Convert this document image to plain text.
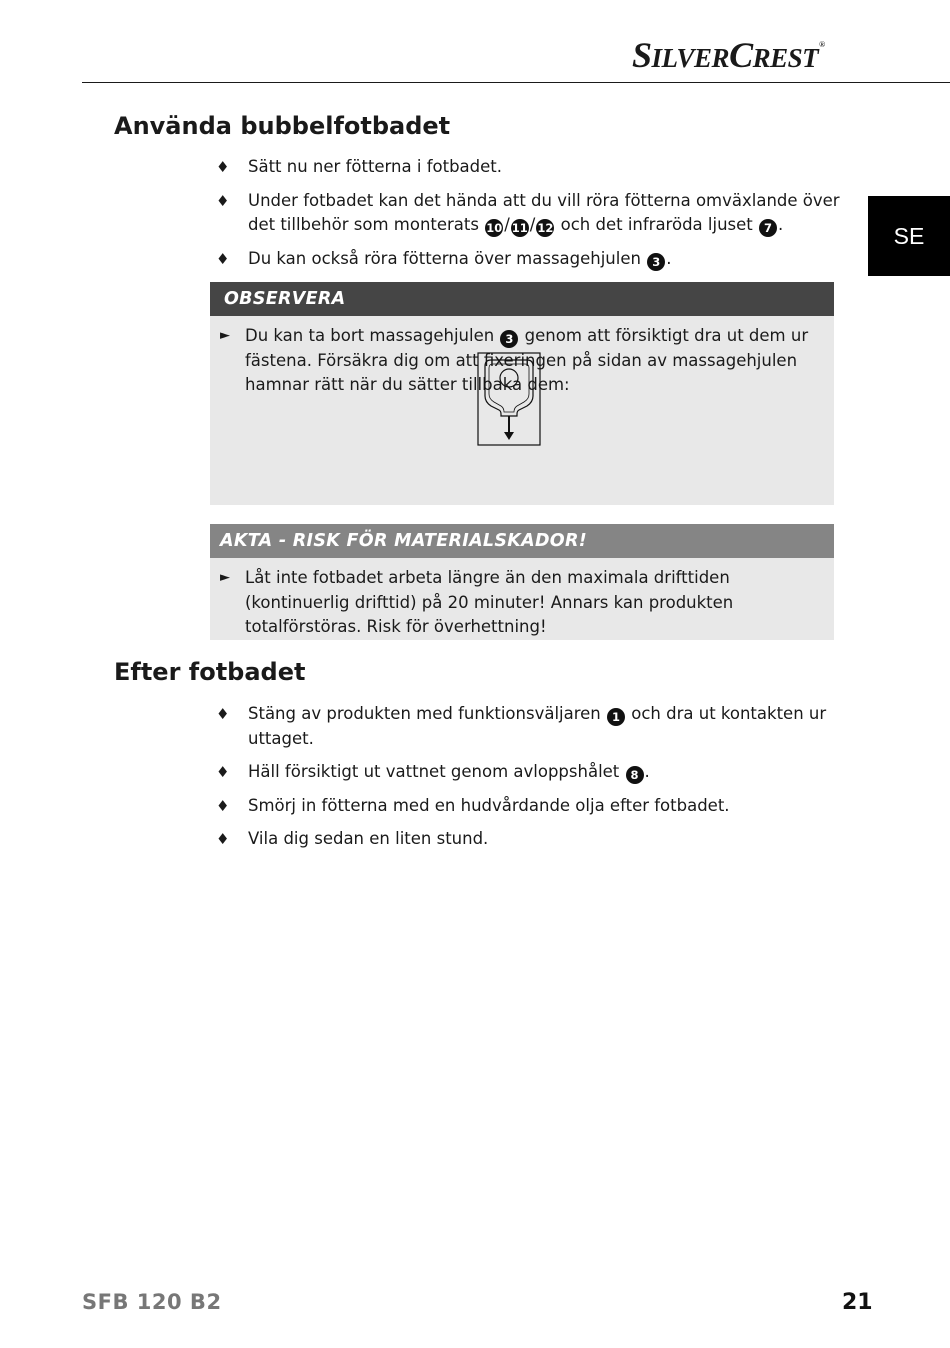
SILVERCREST®
SE
Använda bubbelfotbadet
♦ Sätt nu ner fötterna i fotbadet.
♦ Under fotbadet kan det hända att du vill röra fötterna omväxlande över det tillbehör som monterats 10 / 11 / 12 och det infraröda ljuset 7 .
♦ Du kan också röra fötterna över massagehjulen 3 .
OBSERVERA
► Du kan ta bort massagehjulen 3 genom att försiktigt dra ut dem ur fästena. Försäkra dig om att fixeringen på sidan av massagehjulen hamnar rätt när du sätter tillbaka dem:
AKTA - RISK FÖR MATERIALSKADOR!
► Låt inte fotbadet arbeta längre än den maximala drifttiden (kontinuerlig drifttid) på 20 minuter! Annars kan produkten totalförstöras. Risk för överhettning!
Efter fotbadet
♦ Stäng av produkten med funktionsväljaren 1 och dra ut kontakten ur uttaget.
♦ Häll försiktigt ut vattnet genom avloppshålet 8 .
♦ Smörj in fötterna med en hudvårdande olja efter fotbadet.
♦ Vila dig sedan en liten stund.
SFB 120 B2	21
